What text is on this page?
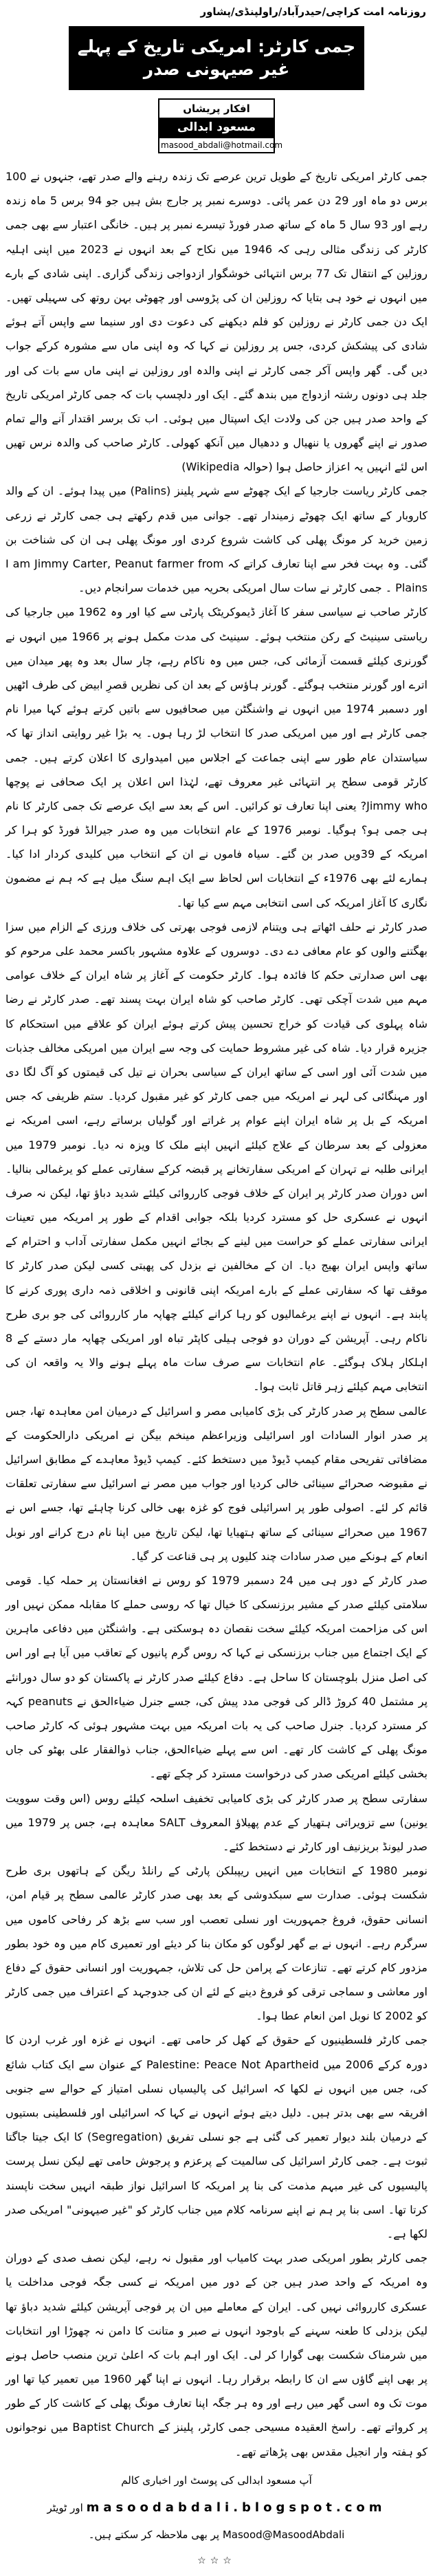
روزنامہ امت کراچی/حیدرآباد/راولپنڈی/پشاور
جمی کارٹر: امریکی تاریخ کے پہلے غیر صیہونی صدر
افکار پریشاں
مسعود ابدالی
masood_abdali@hotmail.com

جمی کارٹر امریکی تاریخ کے طویل ترین عرصے تک زندہ رہنے والے صدر تھے، جنہوں نے 100 برس دو ماہ اور 29 دن عمر پائی۔ دوسرے نمبر پر جارج بش ہیں جو 94 برس 5 ماہ زندہ رہے اور 93 سال 5 ماہ کے ساتھ صدر فورڈ تیسرے نمبر پر ہیں۔ خانگی اعتبار سے بھی جمی کارٹر کی زندگی مثالی رہی کہ 1946 میں نکاح کے بعد انہوں نے 2023 میں اپنی اہلیہ روزلین کے انتقال تک 77 برس انتہائی خوشگوار ازدواجی زندگی گزاری۔ اپنی شادی کے بارے میں انہوں نے خود ہی بتایا کہ روزلین ان کی پڑوسی اور چھوٹی بہن روتھ کی سہیلی تھیں۔ ایک دن جمی کارٹر نے روزلین کو فلم دیکھنے کی دعوت دی اور سنیما سے واپس آتے ہوئے شادی کی پیشکش کردی، جس پر روزلین نے کہا کہ وہ اپنی ماں سے مشورہ کرکے جواب دیں گی۔ گھر واپس آکر جمی کارٹر نے اپنی والدہ اور روزلین نے اپنی ماں سے بات کی اور جلد ہی دونوں رشتہ ازدواج میں بندھ گئے۔ ایک اور دلچسپ بات کہ جمی کارٹر امریکی تاریخ کے واحد صدر ہیں جن کی ولادت ایک اسپتال میں ہوئی۔ اب تک برسر اقتدار آنے والے تمام صدور نے اپنے گھروں یا ننھیال و ددھیال میں آنکھ کھولی۔ کارٹر صاحب کی والدہ نرس تھیں اس لئے انہیں یہ اعزاز حاصل ہوا (حوالہ Wikipedia)

جمی کارٹر ریاست جارجیا کے ایک چھوٹے سے شہر پلینز (Palins) میں پیدا ہوئے۔ ان کے والد کاروبار کے ساتھ ایک چھوٹے زمیندار تھے۔ جوانی میں قدم رکھتے ہی جمی کارٹر نے زرعی زمین خرید کر مونگ پھلی کی کاشت شروع کردی اور مونگ پھلی ہی ان کی شناخت بن گئی۔ وہ بہت فخر سے اپنا تعارف کراتے کہ I am Jimmy Carter, Peanut farmer from Plains ۔ جمی کارٹر نے سات سال امریکی بحریہ میں خدمات سرانجام دیں۔

کارٹر صاحب نے سیاسی سفر کا آغاز ڈیموکریٹک پارٹی سے کیا اور وہ 1962 میں جارجیا کی ریاستی سینیٹ کے رکن منتخب ہوئے۔ سینیٹ کی مدت مکمل ہونے پر 1966 میں انہوں نے گورنری کیلئے قسمت آزمائی کی، جس میں وہ ناکام رہے، چار سال بعد وہ پھر میدان میں اترے اور گورنر منتخب ہوگئے۔ گورنر ہاؤس کے بعد ان کی نظریں قصرِ ابیض کی طرف اٹھیں اور دسمبر 1974 میں انہوں نے واشنگٹن میں صحافیوں سے باتیں کرتے ہوئے کہا میرا نام جمی کارٹر ہے اور میں امریکی صدر کا انتخاب لڑ رہا ہوں۔ یہ بڑا غیر روایتی انداز تھا کہ سیاستدان عام طور سے اپنی جماعت کے اجلاس میں امیدواری کا اعلان کرتے ہیں۔ جمی کارٹر قومی سطح پر انتہائی غیر معروف تھے، لہٰذا اس اعلان پر ایک صحافی نے پوچھا Jimmy who? یعنی اپنا تعارف تو کرائیں۔ اس کے بعد سے ایک عرصے تک جمی کارٹر کا نام ہی جمی ہو؟ ہوگیا۔ نومبر 1976 کے عام انتخابات میں وہ صدر جیرالڈ فورڈ کو ہرا کر امریکہ کے 39ویں صدر بن گئے۔ سیاہ فاموں نے ان کے انتخاب میں کلیدی کردار ادا کیا۔ ہمارے لئے بھی 1976ء کے انتخابات اس لحاظ سے ایک اہم سنگ میل ہے کہ ہم نے مضمون نگاری کا آغاز امریکہ کی اسی انتخابی مہم سے کیا تھا۔

صدر کارٹر نے حلف اٹھاتے ہی ویتنام لازمی فوجی بھرتی کی خلاف ورزی کے الزام میں سزا بھگتنے والوں کو عام معافی دے دی۔ دوسروں کے علاوہ مشہور باکسر محمد علی مرحوم کو بھی اس صدارتی حکم کا فائدہ ہوا۔ کارٹر حکومت کے آغاز پر شاہ ایران کے خلاف عوامی مہم میں شدت آچکی تھی۔ کارٹر صاحب کو شاہ ایران بہت پسند تھے۔ صدر کارٹر نے رضا شاہ پہلوی کی قیادت کو خراج تحسین پیش کرتے ہوئے ایران کو علاقے میں استحکام کا جزیرہ قرار دیا۔ شاہ کی غیر مشروط حمایت کی وجہ سے ایران میں امریکی مخالف جذبات میں شدت آئی اور اسی کے ساتھ ایران کے سیاسی بحران نے تیل کی قیمتوں کو آگ لگا دی اور مہنگائی کی لہر نے امریکہ میں جمی کارٹر کو غیر مقبول کردیا۔ ستم ظریفی کہ جس امریکہ کے بل پر شاہ ایران اپنے عوام پر غراتے اور گولیاں برساتے رہے، اسی امریکہ نے معزولی کے بعد سرطان کے علاج کیلئے انہیں اپنے ملک کا ویزہ نہ دیا۔ نومبر 1979 میں ایرانی طلبہ نے تہران کے امریکی سفارتخانے پر قبضہ کرکے سفارتی عملے کو یرغمالی بنالیا۔ اس دوران صدر کارٹر پر ایران کے خلاف فوجی کارروائی کیلئے شدید دباؤ تھا، لیکن نہ صرف انہوں نے عسکری حل کو مسترد کردیا بلکہ جوابی اقدام کے طور پر امریکہ میں تعینات ایرانی سفارتی عملے کو حراست میں لینے کے بجائے انہیں مکمل سفارتی آداب و احترام کے ساتھ واپس ایران بھیج دیا۔ ان کے مخالفین نے بزدل کی پھبتی کسی لیکن صدر کارٹر کا موقف تھا کہ سفارتی عملے کے بارے امریکہ اپنی قانونی و اخلاقی ذمہ داری پوری کرنے کا پابند ہے۔ انہوں نے اپنے یرغمالیوں کو رہا کرانے کیلئے چھاپہ مار کارروائی کی جو بری طرح ناکام رہی۔ آپریشن کے دوران دو فوجی ہیلی کاپٹر تباہ اور امریکی چھاپہ مار دستے کے 8 اہلکار ہلاک ہوگئے۔ عام انتخابات سے صرف سات ماہ پہلے ہونے والا یہ واقعہ ان کی انتخابی مہم کیلئے زہر قاتل ثابت ہوا۔

عالمی سطح پر صدر کارٹر کی بڑی کامیابی مصر و اسرائیل کے درمیان امن معاہدہ تھا، جس پر صدر انوار السادات اور اسرائیلی وزیراعظم مینخم بیگن نے امریکی دارالحکومت کے مضافاتی تفریحی مقام کیمپ ڈیوڈ میں دستخط کئے۔ کیمپ ڈیوڈ معاہدے کے مطابق اسرائیل نے مقبوضہ صحرائے سینائی خالی کردیا اور جواب میں مصر نے اسرائیل سے سفارتی تعلقات قائم کر لئے۔ اصولی طور پر اسرائیلی فوج کو غزہ بھی خالی کرنا چاہئے تھا، جسے اس نے 1967 میں صحرائے سینائی کے ساتھ ہتھیایا تھا، لیکن تاریخ میں اپنا نام درج کرانے اور نوبل انعام کے ہونکے میں صدر سادات چند کلیوں پر ہی قناعت کر گیا۔

صدر کارٹر کے دور ہی میں 24 دسمبر 1979 کو روس نے افغانستان پر حملہ کیا۔ قومی سلامتی کیلئے صدر کے مشیر برزنسکی کا خیال تھا کہ روسی حملے کا مقابلہ ممکن نہیں اور اس کی مزاحمت امریکہ کیلئے سخت نقصان دہ ہوسکتی ہے۔ واشنگٹن میں دفاعی ماہرین کے ایک اجتماع میں جناب برزنسکی نے کہا کہ روس گرم پانیوں کے تعاقب میں آیا ہے اور اس کی اصل منزل بلوچستان کا ساحل ہے۔ دفاع کیلئے صدر کارٹر نے پاکستان کو دو سال دورانئے پر مشتمل 40 کروڑ ڈالر کی فوجی مدد پیش کی، جسے جنرل ضیاءالحق نے peanuts کہہ کر مسترد کردیا۔ جنرل صاحب کی یہ بات امریکہ میں بہت مشہور ہوئی کہ کارٹر صاحب مونگ پھلی کے کاشت کار تھے۔ اس سے پہلے ضیاءالحق، جناب ذوالفقار علی بھٹو کی جاں بخشی کیلئے امریکی صدر کی درخواست مسترد کر چکے تھے۔

سفارتی سطح پر صدر کارٹر کی بڑی کامیابی تخفیف اسلحہ کیلئے روس (اس وقت سوویت یونین) سے تزویراتی ہتھیار کے عدم پھیلاؤ المعروف SALT معاہدہ ہے، جس پر 1979 میں صدر لیونڈ بریزنیف اور کارٹر نے دستخط کئے۔

نومبر 1980 کے انتخابات میں انہیں ریپبلکن پارٹی کے رانلڈ ریگن کے ہاتھوں بری طرح شکست ہوئی۔ صدارت سے سبکدوشی کے بعد بھی صدر کارٹر عالمی سطح پر قیام امن، انسانی حقوق، فروغ جمہوریت اور نسلی تعصب اور سب سے بڑھ کر رفاحی کاموں میں سرگرم رہے۔ انہوں نے بے گھر لوگوں کو مکان بنا کر دیئے اور تعمیری کام میں وہ خود بطور مزدور کام کرتے تھے۔ تنازعات کے پرامن حل کی تلاش، جمہوریت اور انسانی حقوق کے دفاع اور معاشی و سماجی ترقی کو فروغ دینے کے لئے ان کی جدوجہد کے اعتراف میں جمی کارٹر کو 2002 کا نوبل امن انعام عطا ہوا۔

جمی کارٹر فلسطینیوں کے حقوق کے کھل کر حامی تھے۔ انہوں نے غزہ اور غرب اردن کا دورہ کرکے 2006 میں Palestine: Peace Not Apartheid کے عنوان سے ایک کتاب شائع کی، جس میں انہوں نے لکھا کہ اسرائیل کی پالیسیاں نسلی امتیاز کے حوالے سے جنوبی افریقہ سے بھی بدتر ہیں۔ دلیل دیتے ہوئے انہوں نے کہا کہ اسرائیلی اور فلسطینی بستیوں کے درمیان بلند دیوار تعمیر کی گئی ہے جو نسلی تفریق (Segregation) کا ایک جیتا جاگتا ثبوت ہے۔ جمی کارٹر اسرائیل کی سالمیت کے پرعزم و پرجوش حامی تھے لیکن نسل پرست پالیسیوں کی غیر مبہم مذمت کی بنا پر امریکہ کا اسرائیل نواز طبقہ انہیں سخت ناپسند کرتا تھا۔ اسی بنا پر ہم نے اپنے سرنامہ کلام میں جناب کارٹر کو "غیر صیہونی" امریکی صدر لکھا ہے۔

جمی کارٹر بطور امریکی صدر بہت کامیاب اور مقبول نہ رہے، لیکن نصف صدی کے دوران وہ امریکہ کے واحد صدر ہیں جن کے دور میں امریکہ نے کسی جگہ فوجی مداخلت یا عسکری کارروائی نہیں کی۔ ایران کے معاملے میں ان پر فوجی آپریشن کیلئے شدید دباؤ تھا لیکن بزدلی کا طعنہ سہنے کے باوجود انہوں نے صبر و متانت کا دامن نہ چھوڑا اور انتخابات میں شرمناک شکست بھی گوارا کر لی۔ ایک اور اہم بات کہ اعلیٰ ترین منصب حاصل ہونے پر بھی اپنے گاؤں سے ان کا رابطہ برقرار رہا۔ انہوں نے اپنا گھر 1960 میں تعمیر کیا تھا اور موت تک وہ اسی گھر میں رہے اور وہ ہر جگہ اپنا تعارف مونگ پھلی کے کاشت کار کے طور پر کرواتے تھے۔ راسخ العقیدہ مسیحی جمی کارٹر، پلینز کے Baptist Church میں نوجوانوں کو ہفتہ وار انجیل مقدس بھی پڑھاتے تھے۔

آپ مسعود ابدالی کی پوسٹ اور اخباری کالم masoodabdali.blogspot.com اور ٹویٹر Masood@MasoodAbdali پر بھی ملاحظہ کر سکتے ہیں۔
☆☆☆
